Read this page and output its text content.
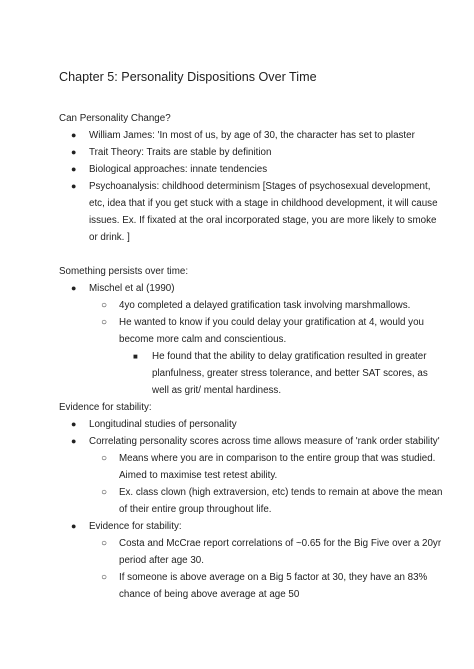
Chapter 5: Personality Dispositions Over Time

Can Personality Change?

● William James: 'In most of us, by age of 30, the character has set to plaster
● Trait Theory: Traits are stable by definition
● Biological approaches: innate tendencies
● Psychoanalysis: childhood determinism [Stages of psychosexual development, etc, idea that if you get stuck with a stage in childhood development, it will cause issues. Ex. If fixated at the oral incorporated stage, you are more likely to smoke or drink. ]

Something persists over time:

● Mischel et al (1990)
○ 4yo completed a delayed gratification task involving marshmallows.
○ He wanted to know if you could delay your gratification at 4, would you become more calm and conscientious.
■ He found that the ability to delay gratification resulted in greater planfulness, greater stress tolerance, and better SAT scores, as well as grit/ mental hardiness.

Evidence for stability:

● Longitudinal studies of personality
● Correlating personality scores across time allows measure of 'rank order stability'
○ Means where you are in comparison to the entire group that was studied. Aimed to maximise test retest ability.
○ Ex. class clown (high extraversion, etc) tends to remain at above the mean of their entire group throughout life.
● Evidence for stability:
○ Costa and McCrae report correlations of ~0.65 for the Big Five over a 20yr period after age 30.
○ If someone is above average on a Big 5 factor at 30, they have an 83% chance of being above average at age 50
